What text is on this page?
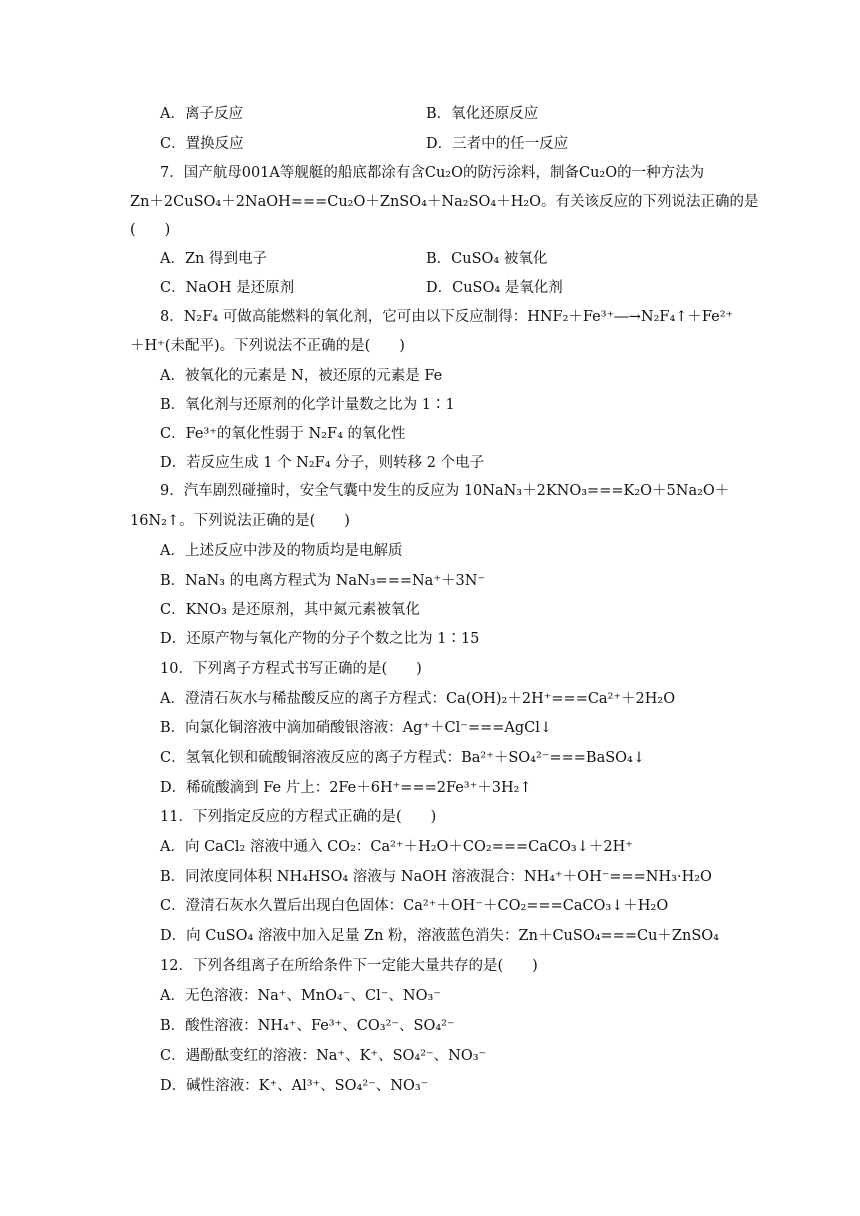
A．离子反应	B．氧化还原反应
C．置换反应	D．三者中的任一反应
7．国产航母001A等舰艇的船底都涂有含Cu₂O的防污涂料，制备Cu₂O的一种方法为
Zn＋2CuSO₄＋2NaOH===Cu₂O＋ZnSO₄＋Na₂SO₄＋H₂O。有关该反应的下列说法正确的是
(　　)
A．Zn 得到电子	B．CuSO₄ 被氧化
C．NaOH 是还原剂	D．CuSO₄ 是氧化剂
8．N₂F₄ 可做高能燃料的氧化剂，它可由以下反应制得：HNF₂＋Fe³⁺―→N₂F₄↑＋Fe²⁺
＋H⁺(未配平)。下列说法不正确的是(　　)
A．被氧化的元素是 N，被还原的元素是 Fe
B．氧化剂与还原剂的化学计量数之比为 1∶1
C．Fe³⁺的氧化性弱于 N₂F₄ 的氧化性
D．若反应生成 1 个 N₂F₄ 分子，则转移 2 个电子
9．汽车剧烈碰撞时，安全气囊中发生的反应为 10NaN₃＋2KNO₃===K₂O＋5Na₂O＋
16N₂↑。下列说法正确的是(　　)
A．上述反应中涉及的物质均是电解质
B．NaN₃ 的电离方程式为 NaN₃===Na⁺＋3N⁻
C．KNO₃ 是还原剂，其中氮元素被氧化
D．还原产物与氧化产物的分子个数之比为 1∶15
10．下列离子方程式书写正确的是(　　)
A．澄清石灰水与稀盐酸反应的离子方程式：Ca(OH)₂＋2H⁺===Ca²⁺＋2H₂O
B．向氯化铜溶液中滴加硝酸银溶液：Ag⁺＋Cl⁻===AgCl↓
C．氢氧化钡和硫酸铜溶液反应的离子方程式：Ba²⁺＋SO₄²⁻===BaSO₄↓
D．稀硫酸滴到 Fe 片上：2Fe＋6H⁺===2Fe³⁺＋3H₂↑
11．下列指定反应的方程式正确的是(　　)
A．向 CaCl₂ 溶液中通入 CO₂：Ca²⁺＋H₂O＋CO₂===CaCO₃↓＋2H⁺
B．同浓度同体积 NH₄HSO₄ 溶液与 NaOH 溶液混合：NH₄⁺＋OH⁻===NH₃·H₂O
C．澄清石灰水久置后出现白色固体：Ca²⁺＋OH⁻＋CO₂===CaCO₃↓＋H₂O
D．向 CuSO₄ 溶液中加入足量 Zn 粉，溶液蓝色消失：Zn＋CuSO₄===Cu＋ZnSO₄
12．下列各组离子在所给条件下一定能大量共存的是(　　)
A．无色溶液：Na⁺、MnO₄⁻、Cl⁻、NO₃⁻
B．酸性溶液：NH₄⁺、Fe³⁺、CO₃²⁻、SO₄²⁻
C．遇酚酞变红的溶液：Na⁺、K⁺、SO₄²⁻、NO₃⁻
D．碱性溶液：K⁺、Al³⁺、SO₄²⁻、NO₃⁻
